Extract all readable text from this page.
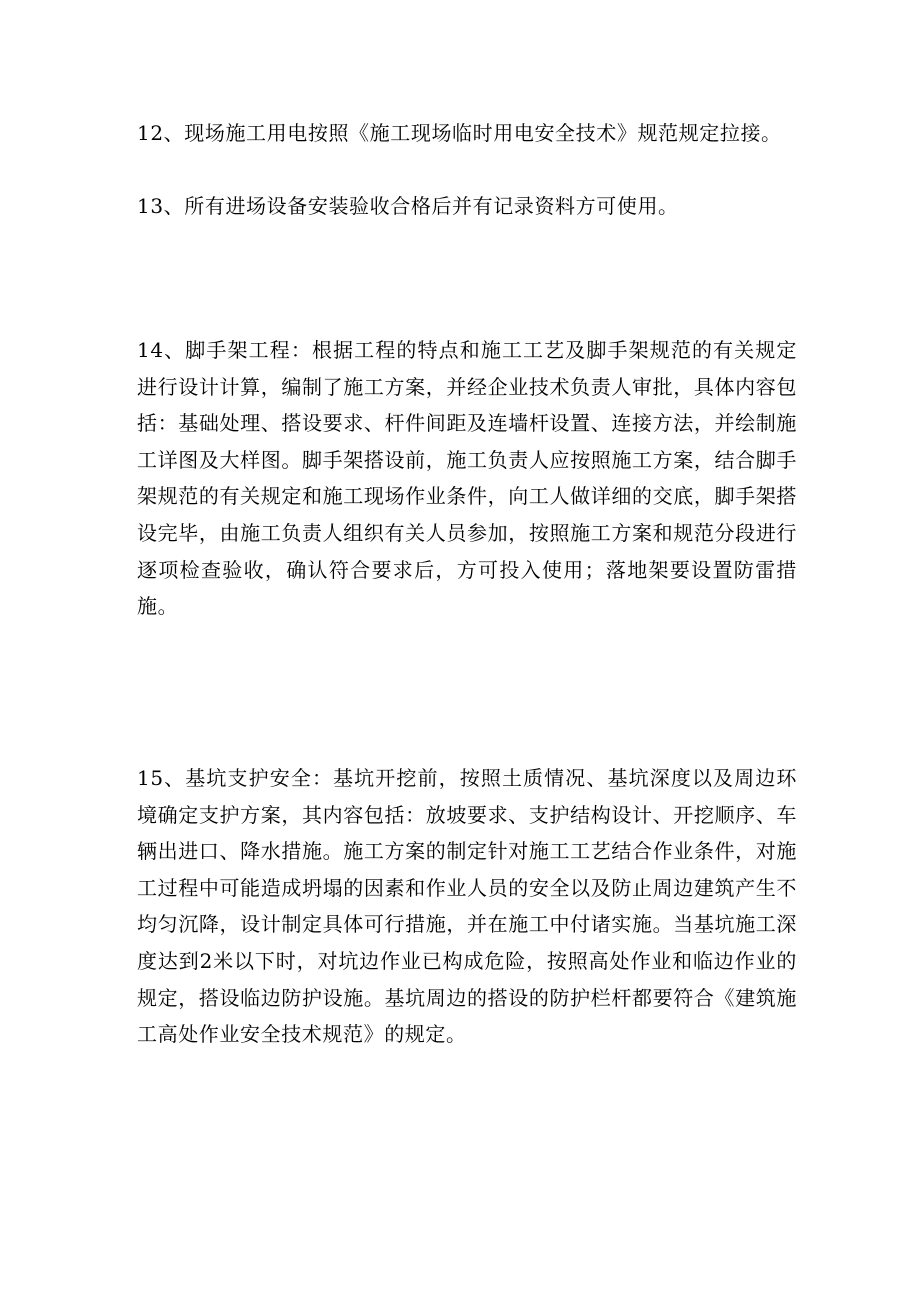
12、现场施工用电按照《施工现场临时用电安全技术》规范规定拉接。

13、所有进场设备安装验收合格后并有记录资料方可使用。

14、脚手架工程：根据工程的特点和施工工艺及脚手架规范的有关规定进行设计计算，编制了施工方案，并经企业技术负责人审批，具体内容包括：基础处理、搭设要求、杆件间距及连墙杆设置、连接方法，并绘制施工详图及大样图。脚手架搭设前，施工负责人应按照施工方案，结合脚手架规范的有关规定和施工现场作业条件，向工人做详细的交底，脚手架搭设完毕，由施工负责人组织有关人员参加，按照施工方案和规范分段进行逐项检查验收，确认符合要求后，方可投入使用；落地架要设置防雷措施。

15、基坑支护安全：基坑开挖前，按照土质情况、基坑深度以及周边环境确定支护方案，其内容包括：放坡要求、支护结构设计、开挖顺序、车辆出进口、降水措施。施工方案的制定针对施工工艺结合作业条件，对施工过程中可能造成坍塌的因素和作业人员的安全以及防止周边建筑产生不均匀沉降，设计制定具体可行措施，并在施工中付诸实施。当基坑施工深度达到2米以下时，对坑边作业已构成危险，按照高处作业和临边作业的规定，搭设临边防护设施。基坑周边的搭设的防护栏杆都要符合《建筑施工高处作业安全技术规范》的规定。
